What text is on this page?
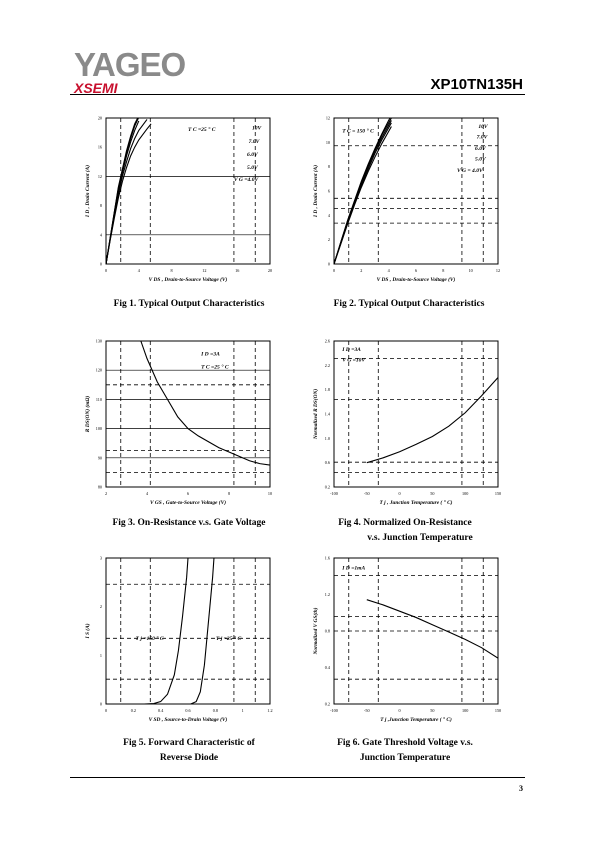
YAGEO
XSEMI	XP10TN135H
0	4	8	12	16	20
0
4
8
12
16
20
V DS , Drain-to-Source Voltage (V)
I D , Drain Current (A)
T C =25 ° C	10V
7.0V
6.0V
5.0V
V G =4.0V
Fig 1. Typical Output Characteristics
0	2	4	6	8	10	12
0
2
4
6
8
10
12
V DS , Drain-to-Source Voltage (V)
I D , Drain Current (A)
T C = 150 ° C
10V
7.0V
6.0V
5.0V
V G = 4.0V
Fig 2. Typical Output Characteristics
2	4	6	8	10
80
90
100
110
120
130
V GS , Gate-to-Source Voltage (V)
R DS(ON) (mΩ)
I D =3A
T C =25 ° C
Fig 3. On-Resistance v.s. Gate Voltage
-100	-50	0	50	100	150
0.2
0.6
1.0
1.4
1.8
2.2
2.6
T j , Junction Temperature ( ° C)
Normalized R DS(ON)
I D =3A
V G =10V
Fig 4. Normalized On-Resistance
v.s. Junction Temperature
0	0.2	0.4	0.6	0.8	1	1.2
0
1
2
3
V SD , Source-to-Drain Voltage (V)
I S (A)
T j =150 ° C	T j =25 ° C
Fig 5. Forward Characteristic of
Reverse Diode
-100	-50	0	50	100	150
0.2
0.4
0.8
1.2
1.6
T j ,Junction Temperature ( ° C)
Normalized V GS(th)
I D =1mA
Fig 6. Gate Threshold Voltage v.s.
Junction Temperature
3
